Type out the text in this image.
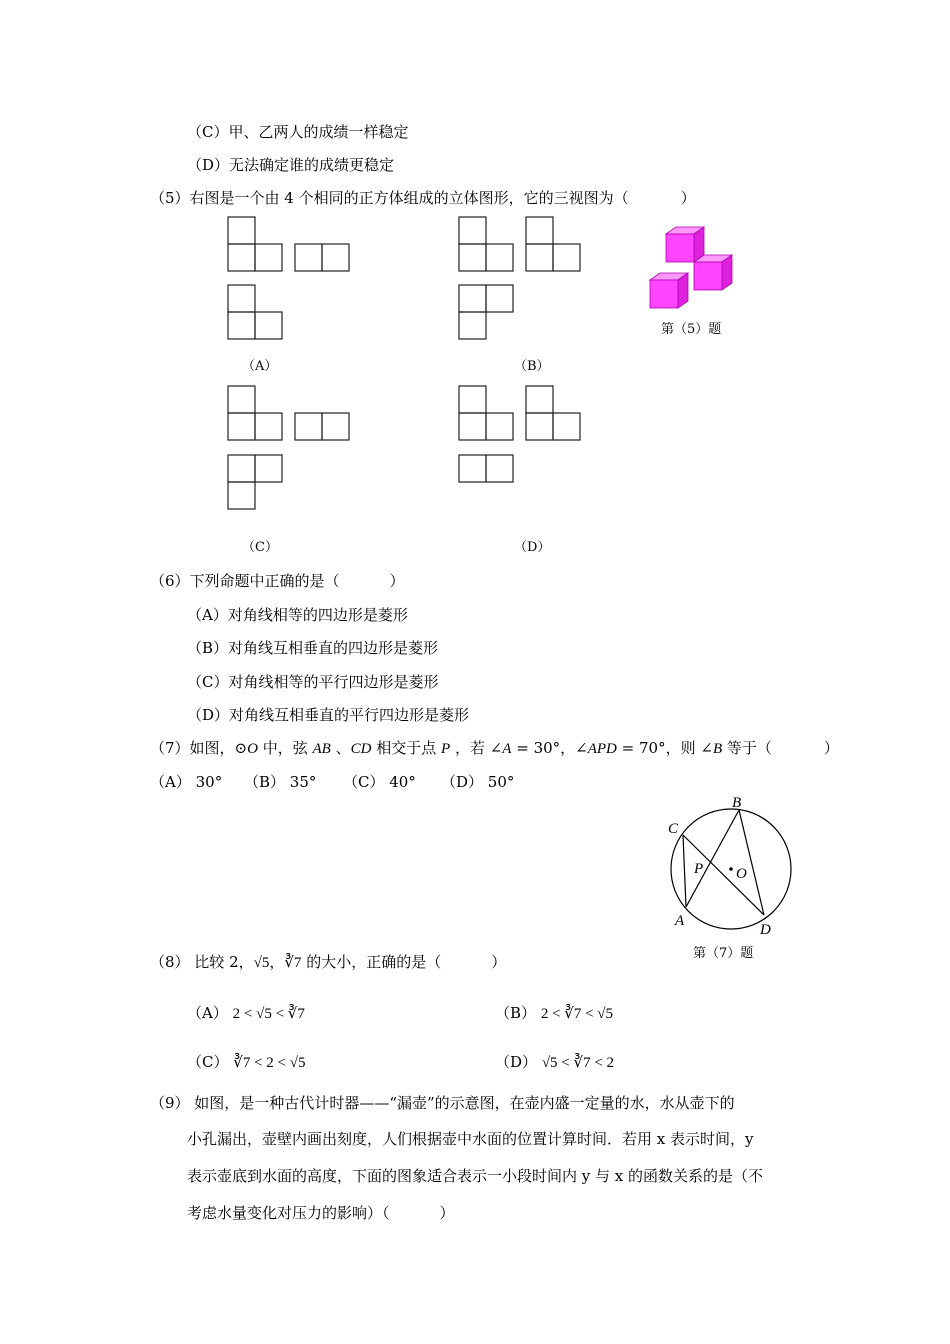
（C）甲、乙两人的成绩一样稳定
（D）无法确定谁的成绩更稳定
（5）右图是一个由 4 个相同的正方体组成的立体图形，它的三视图为（	）
第（5）题
（A）	（B）
（C）	（D）
（6）下列命题中正确的是（	）
（A）对角线相等的四边形是菱形
（B）对角线互相垂直的四边形是菱形
（C）对角线相等的平行四边形是菱形
（D）对角线互相垂直的平行四边形是菱形
（7）如图，⊙O 中，弦 AB 、CD 相交于点 P ，若 ∠A = 30°，∠APD = 70°，则 ∠B 等于（	）
（A） 30° （B） 35° （C） 40° （D） 50°
B
C
P O
A
D
第（7）题
（8） 比较 2，√5，∛7 的大小，正确的是（	）
（A） 2 < √5 < ∛7	（B） 2 < ∛7 < √5
（C） ∛7 < 2 < √5	（D） √5 < ∛7 < 2
（9） 如图，是一种古代计时器——“漏壶”的示意图，在壶内盛一定量的水，水从壶下的
小孔漏出，壶壁内画出刻度，人们根据壶中水面的位置计算时间．若用 x 表示时间，y
表示壶底到水面的高度，下面的图象适合表示一小段时间内 y 与 x 的函数关系的是（不
考虑水量变化对压力的影响）（	）
